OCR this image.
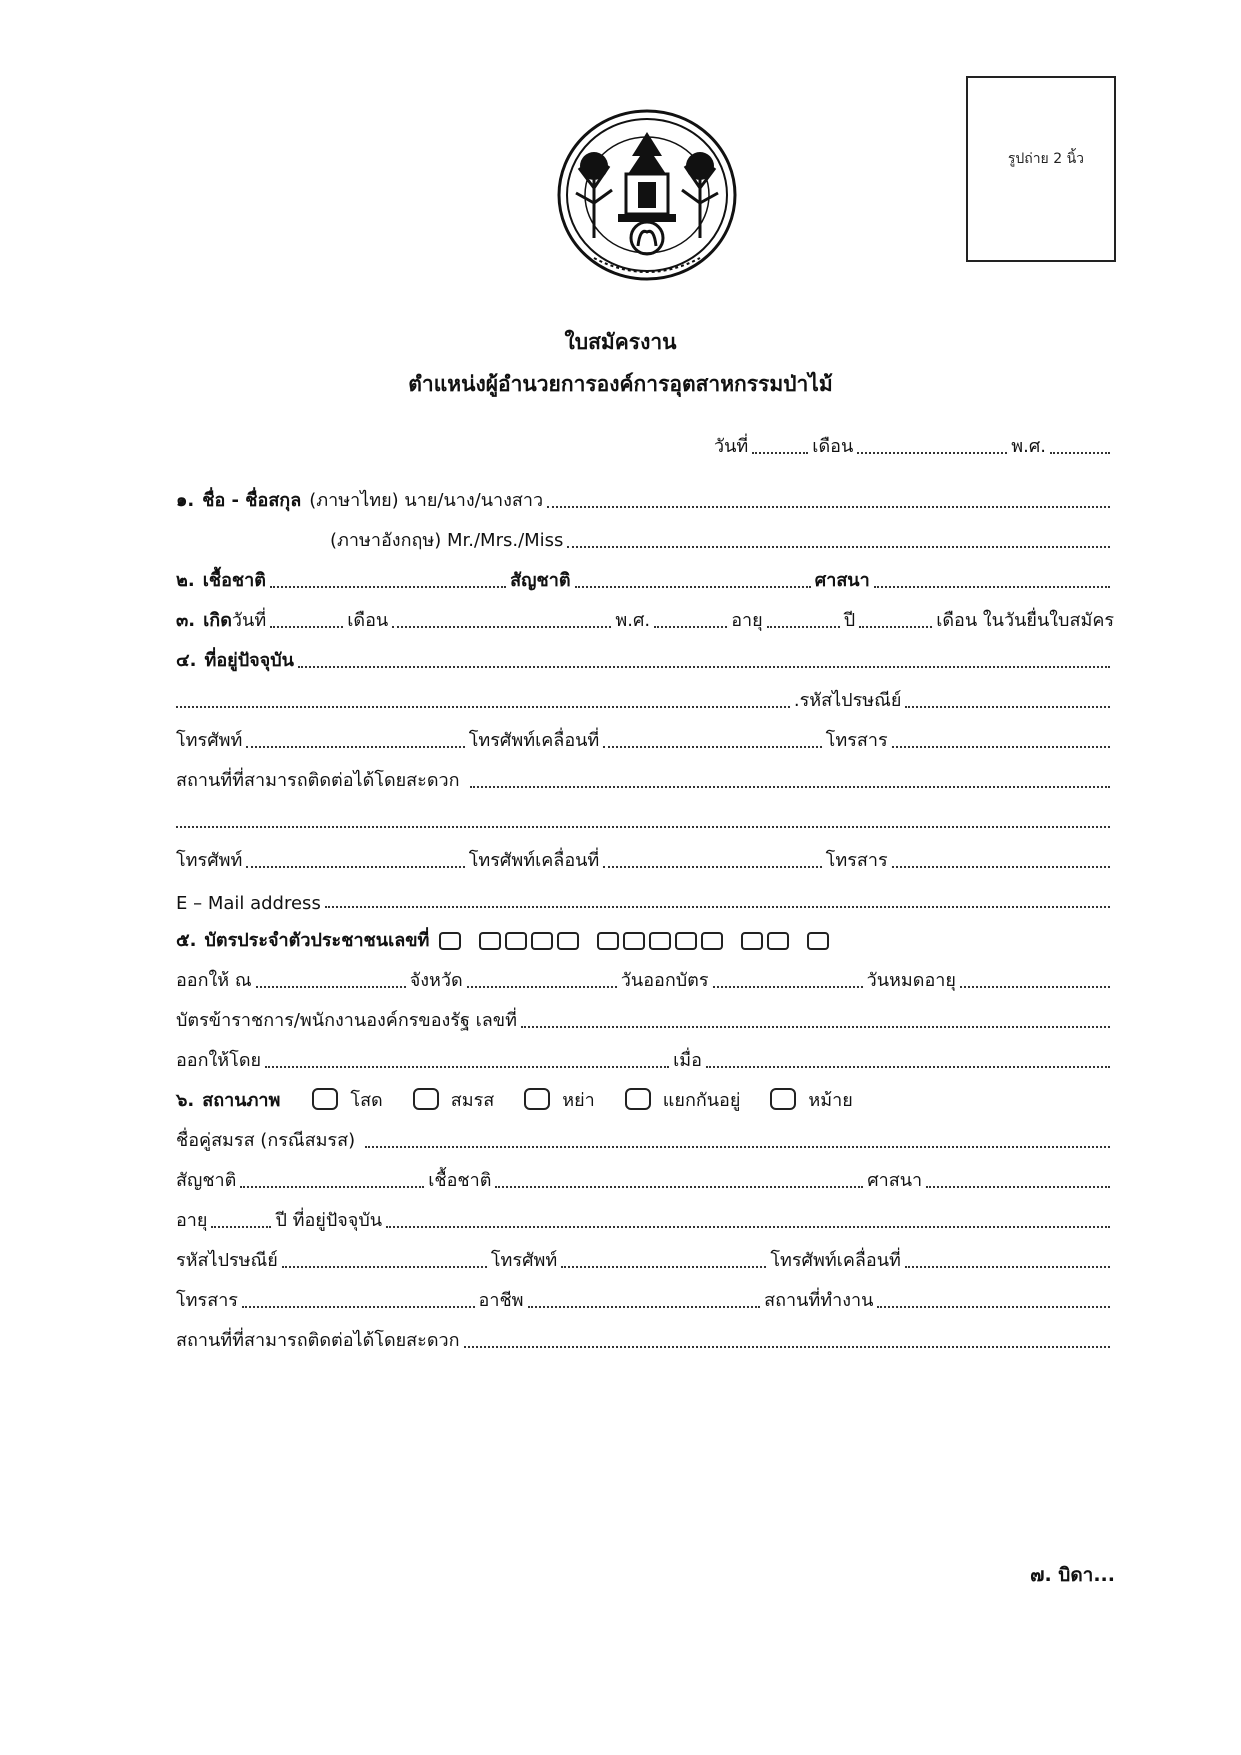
รูปถ่าย 2 นิ้ว
ใบสมัครงาน
ตำแหน่งผู้อำนวยการองค์การอุตสาหกรรมป่าไม้
วันที่	เดือน	พ.ศ.
๑. ชื่อ - ชื่อสกุล (ภาษาไทย) นาย/นาง/นางสาว
(ภาษาอังกฤษ) Mr./Mrs./Miss
๒. เชื้อชาติ	สัญชาติ	ศาสนา
๓. เกิด วันที่	เดือน	พ.ศ.	อายุ	ปี	เดือน ในวันยื่นใบสมัคร
๔. ที่อยู่ปัจจุบัน
.รหัสไปรษณีย์
โทรศัพท์	โทรศัพท์เคลื่อนที่	โทรสาร
สถานที่ที่สามารถติดต่อได้โดยสะดวก
โทรศัพท์	โทรศัพท์เคลื่อนที่	โทรสาร
E – Mail address
๕. บัตรประจำตัวประชาชนเลขที่
ออกให้ ณ	จังหวัด	วันออกบัตร	วันหมดอายุ
บัตรข้าราชการ/พนักงานองค์กรของรัฐ เลขที่
ออกให้โดย	เมื่อ
๖. สถานภาพ	โสด	สมรส	หย่า	แยกกันอยู่	หม้าย
ชื่อคู่สมรส (กรณีสมรส)
สัญชาติ	เชื้อชาติ	ศาสนา
อายุ	ปี ที่อยู่ปัจจุบัน
รหัสไปรษณีย์	โทรศัพท์	โทรศัพท์เคลื่อนที่
โทรสาร	อาชีพ	สถานที่ทำงาน
สถานที่ที่สามารถติดต่อได้โดยสะดวก
๗. บิดา...
